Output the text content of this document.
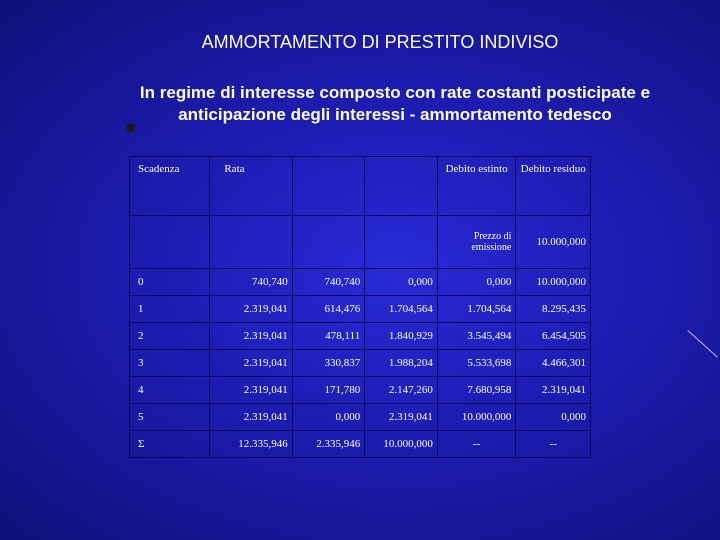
AMMORTAMENTO DI PRESTITO INDIVISO
In regime di interesse composto con rate costanti posticipate e anticipazione degli interessi - ammortamento tedesco
Scadenza	Rata			Debito estinto	Debito residuo
				Prezzo di emissione	10.000,000
0	740,740	740,740	0,000	0,000	10.000,000
1	2.319,041	614,476	1.704,564	1.704,564	8.295,435
2	2.319,041	478,111	1.840,929	3.545,494	6.454,505
3	2.319,041	330,837	1.988,204	5.533,698	4.466,301
4	2.319,041	171,780	2.147,260	7.680,958	2.319,041
5	2.319,041	0,000	2.319,041	10.000,000	0,000
Σ	12.335,946	2.335,946	10.000,000	--	--
